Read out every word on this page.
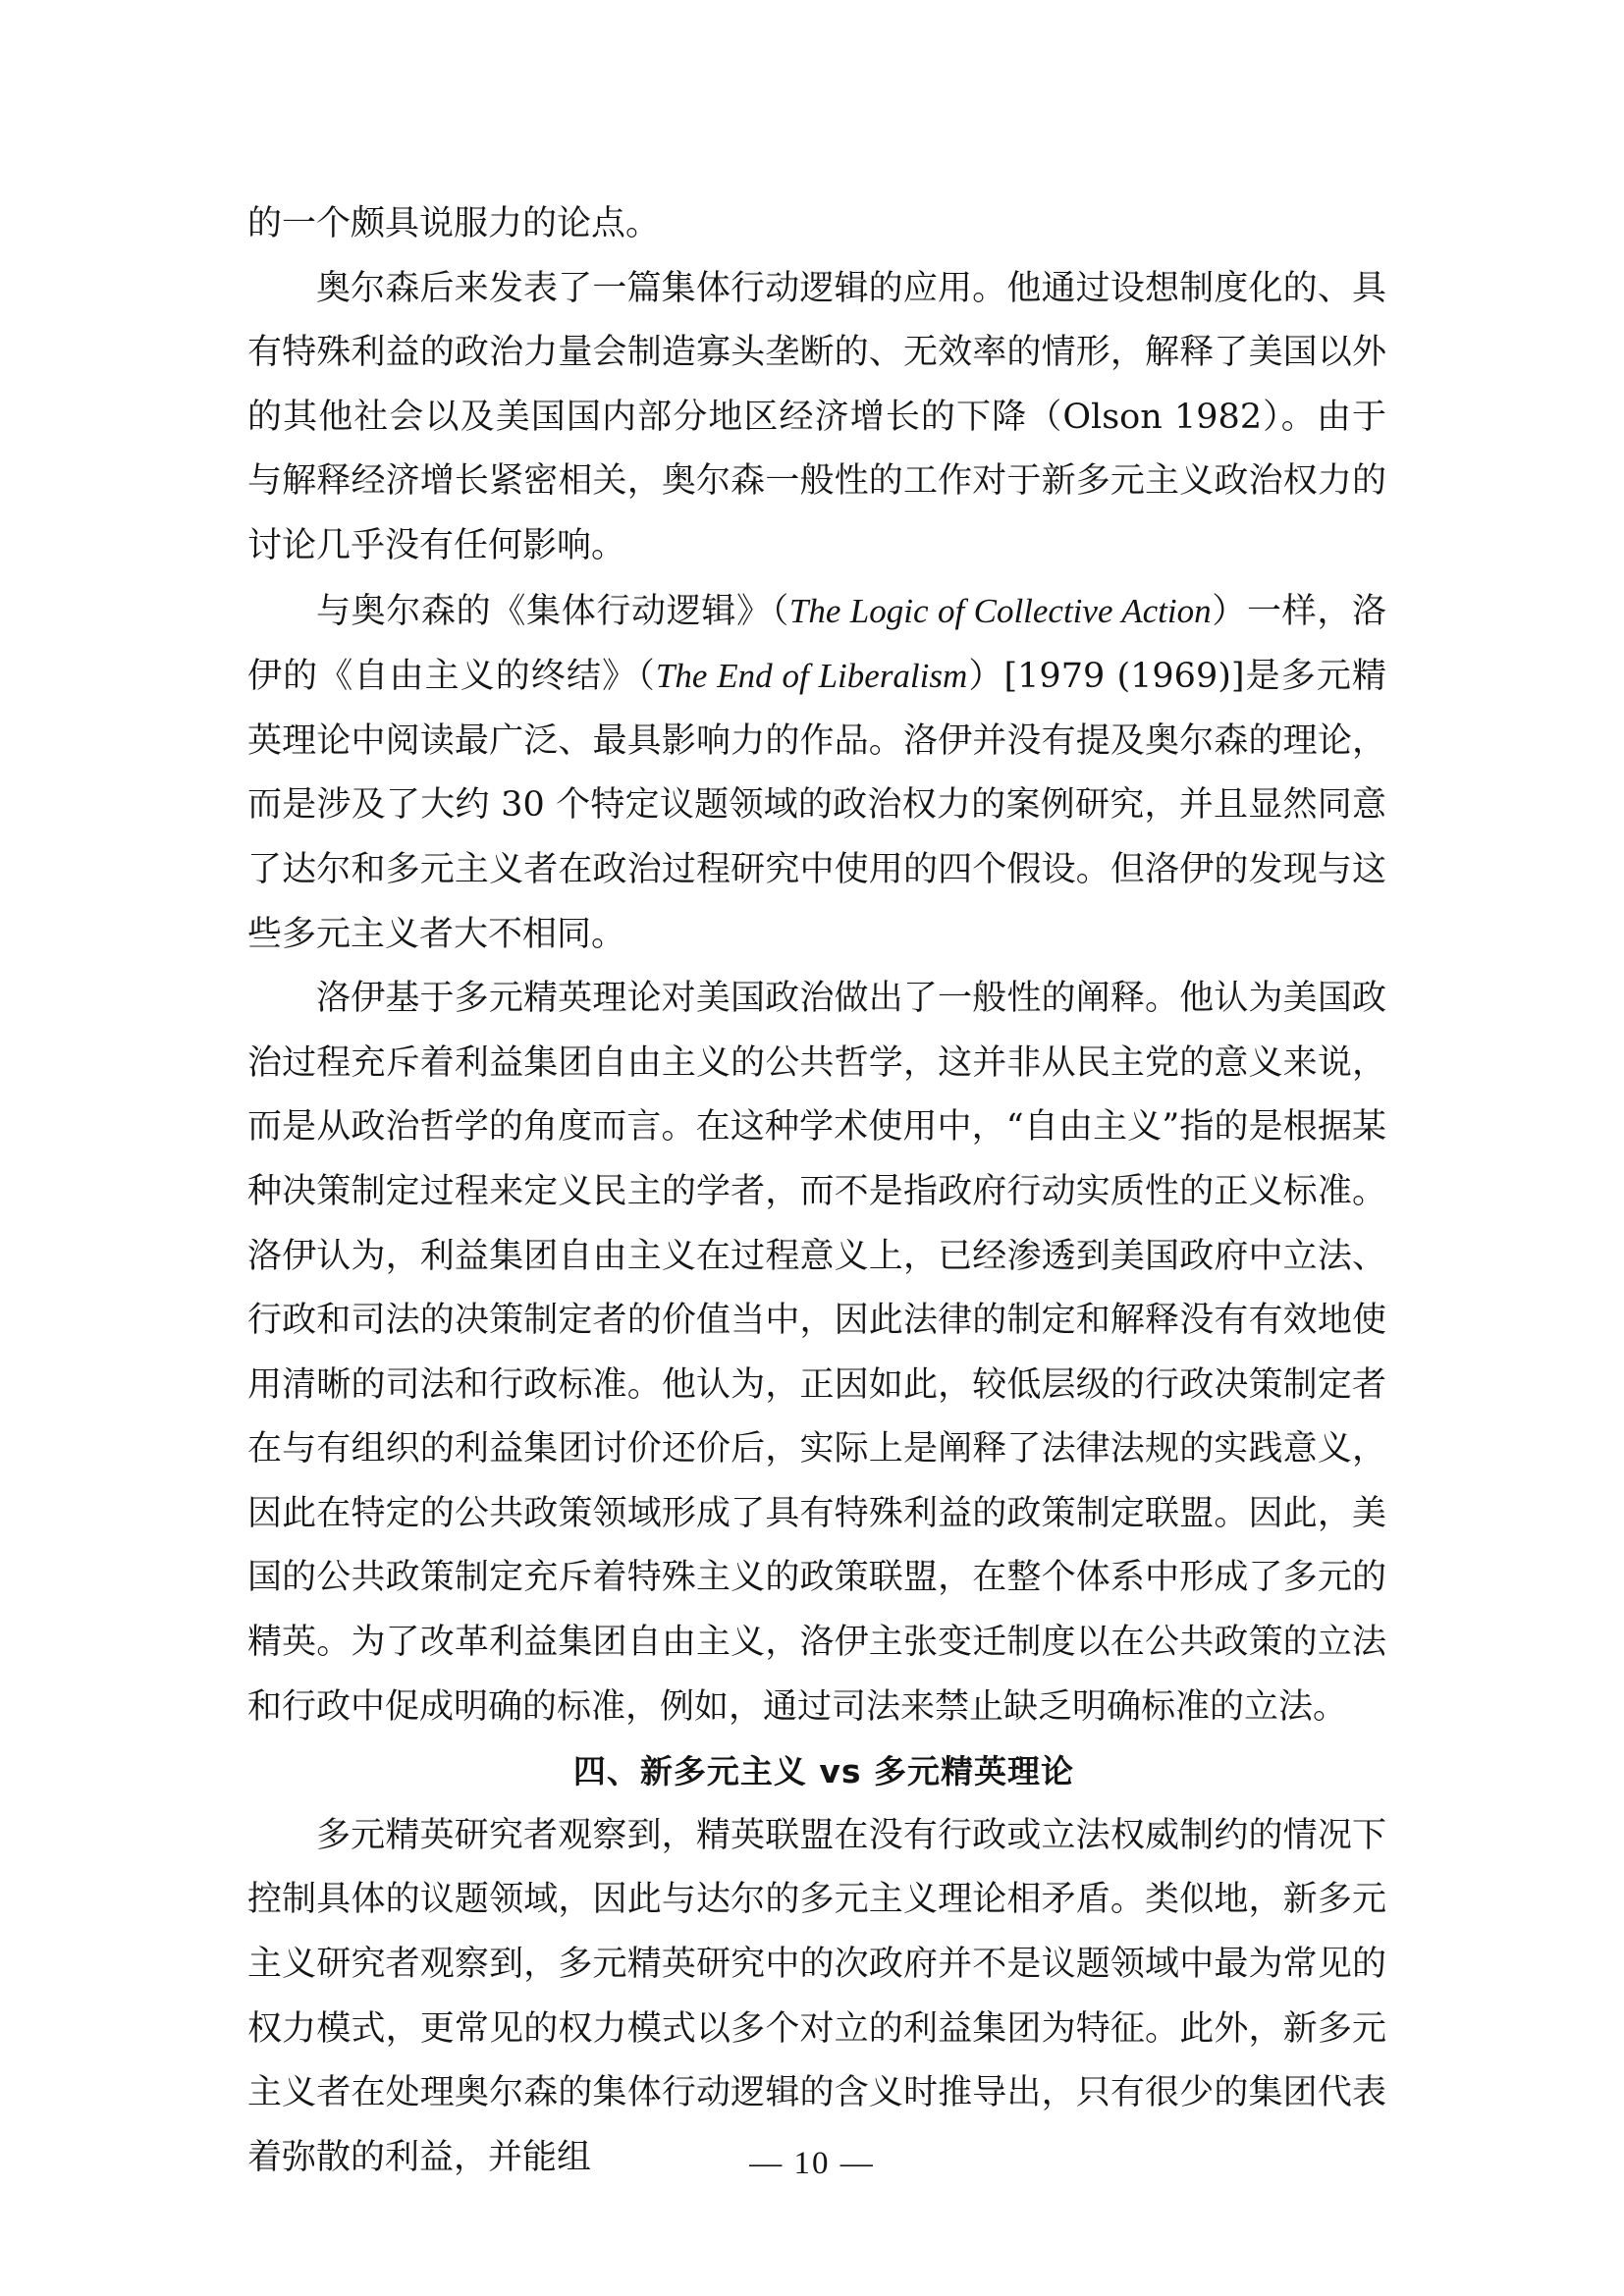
的一个颇具说服力的论点。

奥尔森后来发表了一篇集体行动逻辑的应用。他通过设想制度化的、具有特殊利益的政治力量会制造寡头垄断的、无效率的情形，解释了美国以外的其他社会以及美国国内部分地区经济增长的下降（Olson 1982）。由于与解释经济增长紧密相关，奥尔森一般性的工作对于新多元主义政治权力的讨论几乎没有任何影响。

与奥尔森的《集体行动逻辑》（The Logic of Collective Action）一样，洛伊的《自由主义的终结》（The End of Liberalism）[1979 (1969)]是多元精英理论中阅读最广泛、最具影响力的作品。洛伊并没有提及奥尔森的理论，而是涉及了大约 30 个特定议题领域的政治权力的案例研究，并且显然同意了达尔和多元主义者在政治过程研究中使用的四个假设。但洛伊的发现与这些多元主义者大不相同。

洛伊基于多元精英理论对美国政治做出了一般性的阐释。他认为美国政治过程充斥着利益集团自由主义的公共哲学，这并非从民主党的意义来说，而是从政治哲学的角度而言。在这种学术使用中，“自由主义”指的是根据某种决策制定过程来定义民主的学者，而不是指政府行动实质性的正义标准。洛伊认为，利益集团自由主义在过程意义上，已经渗透到美国政府中立法、行政和司法的决策制定者的价值当中，因此法律的制定和解释没有有效地使用清晰的司法和行政标准。他认为，正因如此，较低层级的行政决策制定者在与有组织的利益集团讨价还价后，实际上是阐释了法律法规的实践意义，因此在特定的公共政策领域形成了具有特殊利益的政策制定联盟。因此，美国的公共政策制定充斥着特殊主义的政策联盟，在整个体系中形成了多元的精英。为了改革利益集团自由主义，洛伊主张变迁制度以在公共政策的立法和行政中促成明确的标准，例如，通过司法来禁止缺乏明确标准的立法。

四、新多元主义 vs 多元精英理论

多元精英研究者观察到，精英联盟在没有行政或立法权威制约的情况下控制具体的议题领域，因此与达尔的多元主义理论相矛盾。类似地，新多元主义研究者观察到，多元精英研究中的次政府并不是议题领域中最为常见的权力模式，更常见的权力模式以多个对立的利益集团为特征。此外，新多元主义者在处理奥尔森的集体行动逻辑的含义时推导出，只有很少的集团代表着弥散的利益，并能组	— 10 —
